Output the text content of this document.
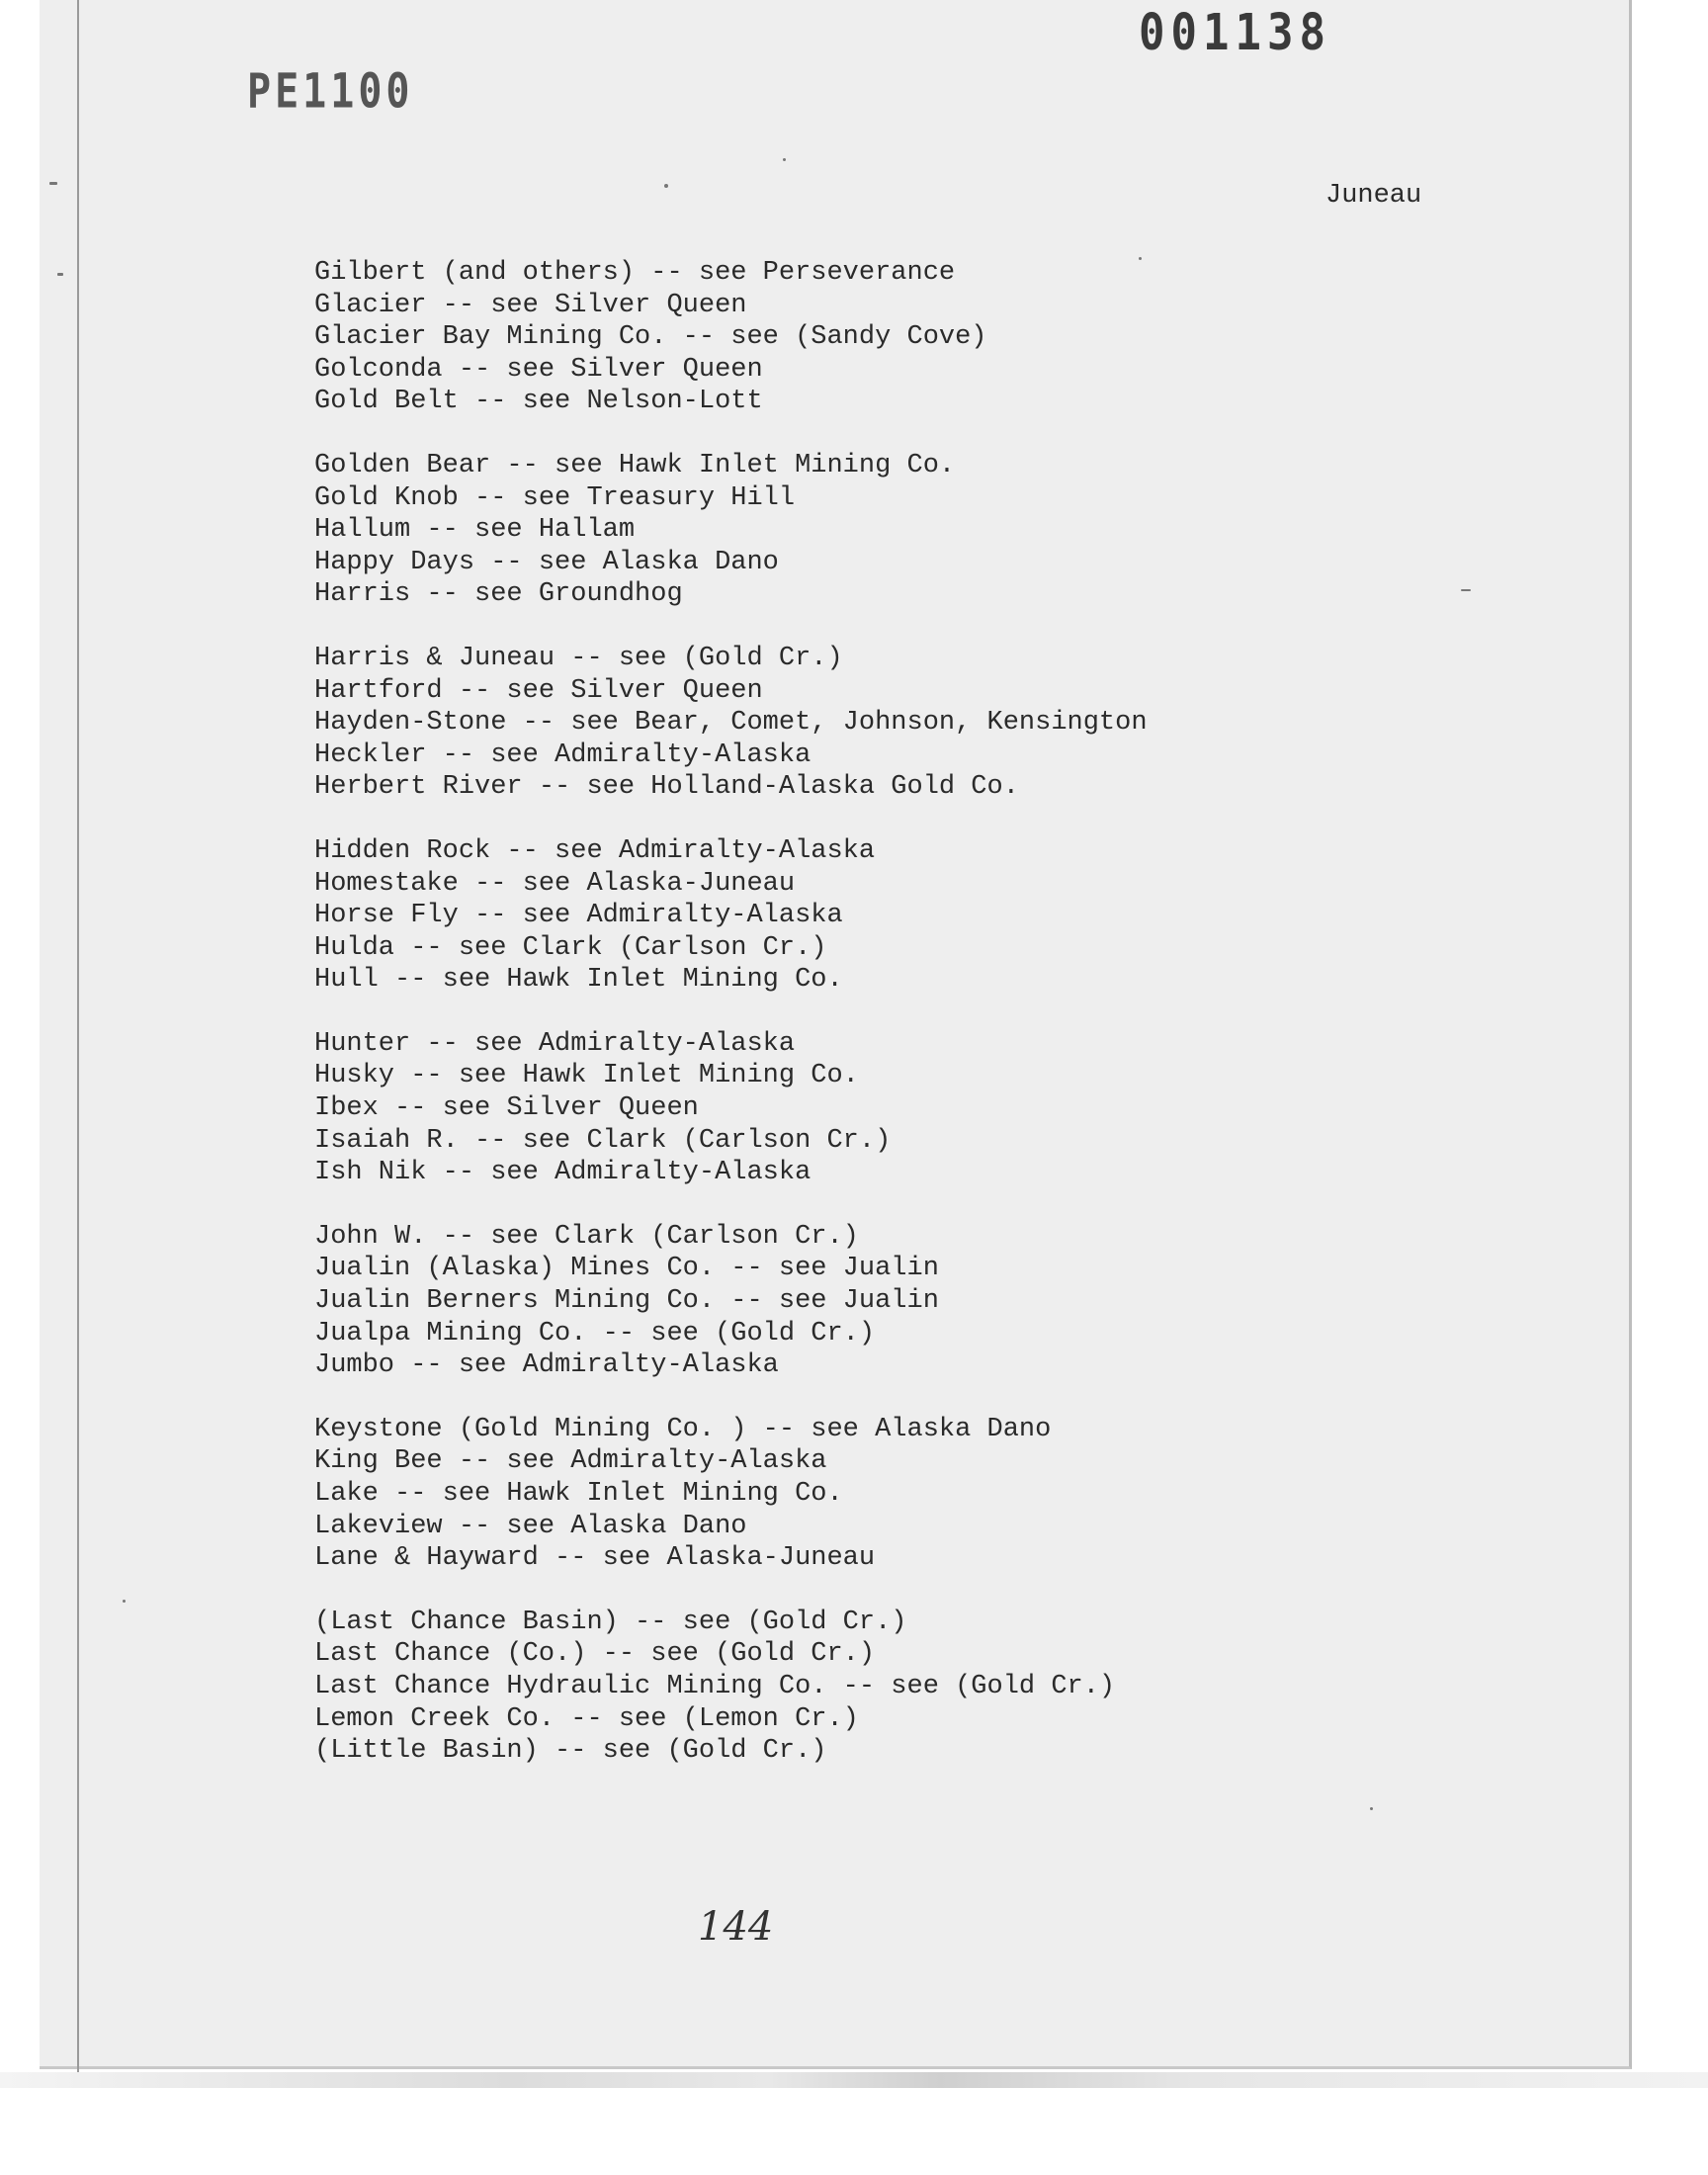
001138
PE1100

Juneau

Gilbert (and others) -- see Perseverance
Glacier -- see Silver Queen
Glacier Bay Mining Co. -- see (Sandy Cove)
Golconda -- see Silver Queen
Gold Belt -- see Nelson-Lott
Golden Bear -- see Hawk Inlet Mining Co.
Gold Knob -- see Treasury Hill
Hallum -- see Hallam
Happy Days -- see Alaska Dano
Harris -- see Groundhog
Harris & Juneau -- see (Gold Cr.)
Hartford -- see Silver Queen
Hayden-Stone -- see Bear, Comet, Johnson, Kensington
Heckler -- see Admiralty-Alaska
Herbert River -- see Holland-Alaska Gold Co.
Hidden Rock -- see Admiralty-Alaska
Homestake -- see Alaska-Juneau
Horse Fly -- see Admiralty-Alaska
Hulda -- see Clark (Carlson Cr.)
Hull -- see Hawk Inlet Mining Co.
Hunter -- see Admiralty-Alaska
Husky -- see Hawk Inlet Mining Co.
Ibex -- see Silver Queen
Isaiah R. -- see Clark (Carlson Cr.)
Ish Nik -- see Admiralty-Alaska
John W. -- see Clark (Carlson Cr.)
Jualin (Alaska) Mines Co. -- see Jualin
Jualin Berners Mining Co. -- see Jualin
Jualpa Mining Co. -- see (Gold Cr.)
Jumbo -- see Admiralty-Alaska
Keystone (Gold Mining Co. ) -- see Alaska Dano
King Bee -- see Admiralty-Alaska
Lake -- see Hawk Inlet Mining Co.
Lakeview -- see Alaska Dano
Lane & Hayward -- see Alaska-Juneau
(Last Chance Basin) -- see (Gold Cr.)
Last Chance (Co.) -- see (Gold Cr.)
Last Chance Hydraulic Mining Co. -- see (Gold Cr.)
Lemon Creek Co. -- see (Lemon Cr.)
(Little Basin) -- see (Gold Cr.)
144
